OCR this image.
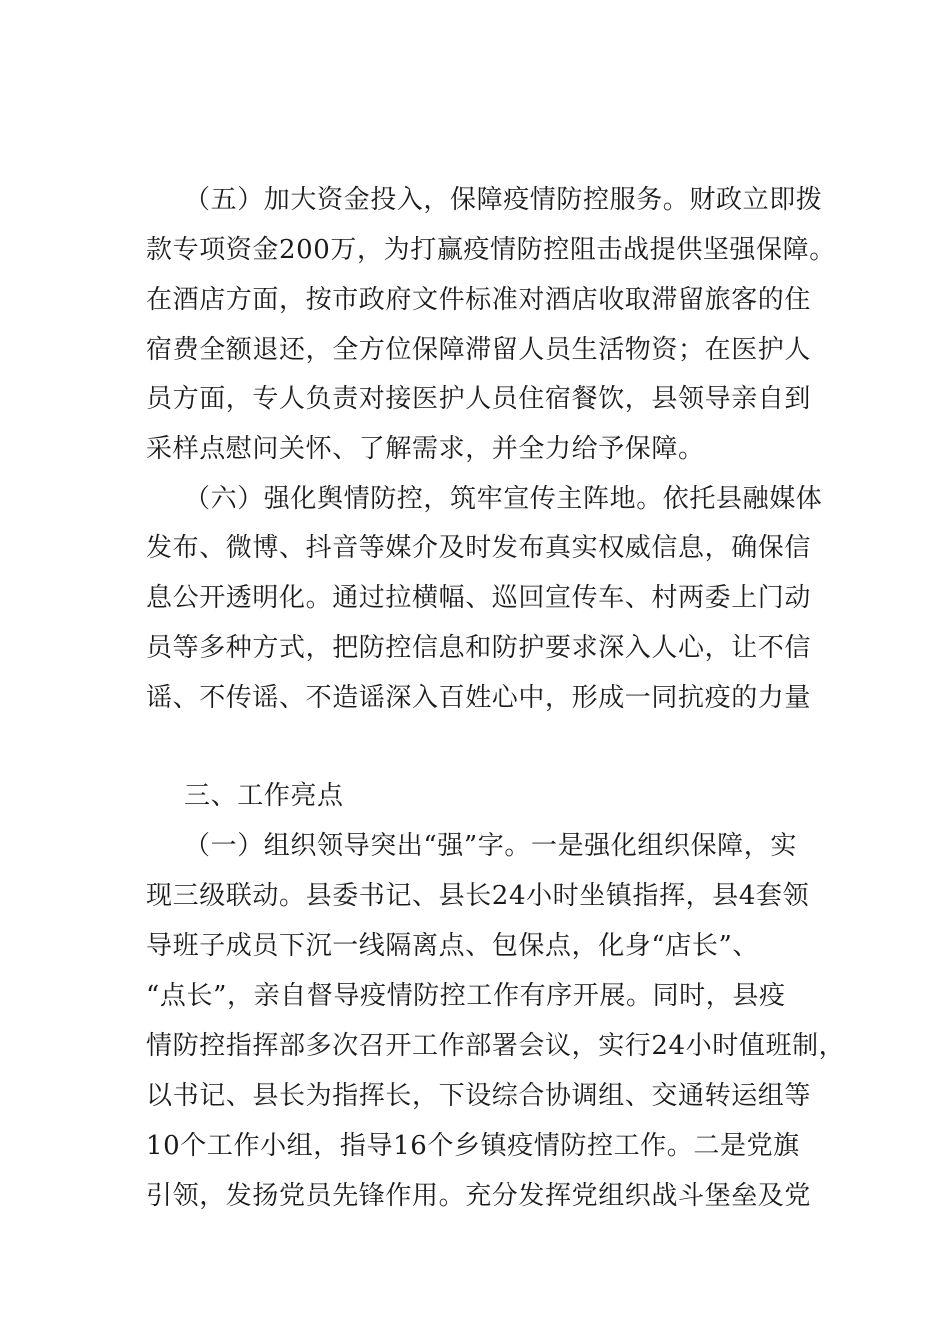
（五）加大资金投入，保障疫情防控服务。财政立即拨
款专项资金200万，为打赢疫情防控阻击战提供坚强保障。
在酒店方面，按市政府文件标准对酒店收取滞留旅客的住
宿费全额退还，全方位保障滞留人员生活物资；在医护人
员方面，专人负责对接医护人员住宿餐饮，县领导亲自到
采样点慰问关怀、了解需求，并全力给予保障。
（六）强化舆情防控，筑牢宣传主阵地。依托县融媒体
发布、微博、抖音等媒介及时发布真实权威信息，确保信
息公开透明化。通过拉横幅、巡回宣传车、村两委上门动
员等多种方式，把防控信息和防护要求深入人心，让不信
谣、不传谣、不造谣深入百姓心中，形成一同抗疫的力量
三、工作亮点
（一）组织领导突出“强”字。一是强化组织保障，实
现三级联动。县委书记、县长24小时坐镇指挥，县4套领
导班子成员下沉一线隔离点、包保点，化身“店长”、
“点长”，亲自督导疫情防控工作有序开展。同时，县疫
情防控指挥部多次召开工作部署会议，实行24小时值班制，
以书记、县长为指挥长，下设综合协调组、交通转运组等
10个工作小组，指导16个乡镇疫情防控工作。二是党旗
引领，发扬党员先锋作用。充分发挥党组织战斗堡垒及党
